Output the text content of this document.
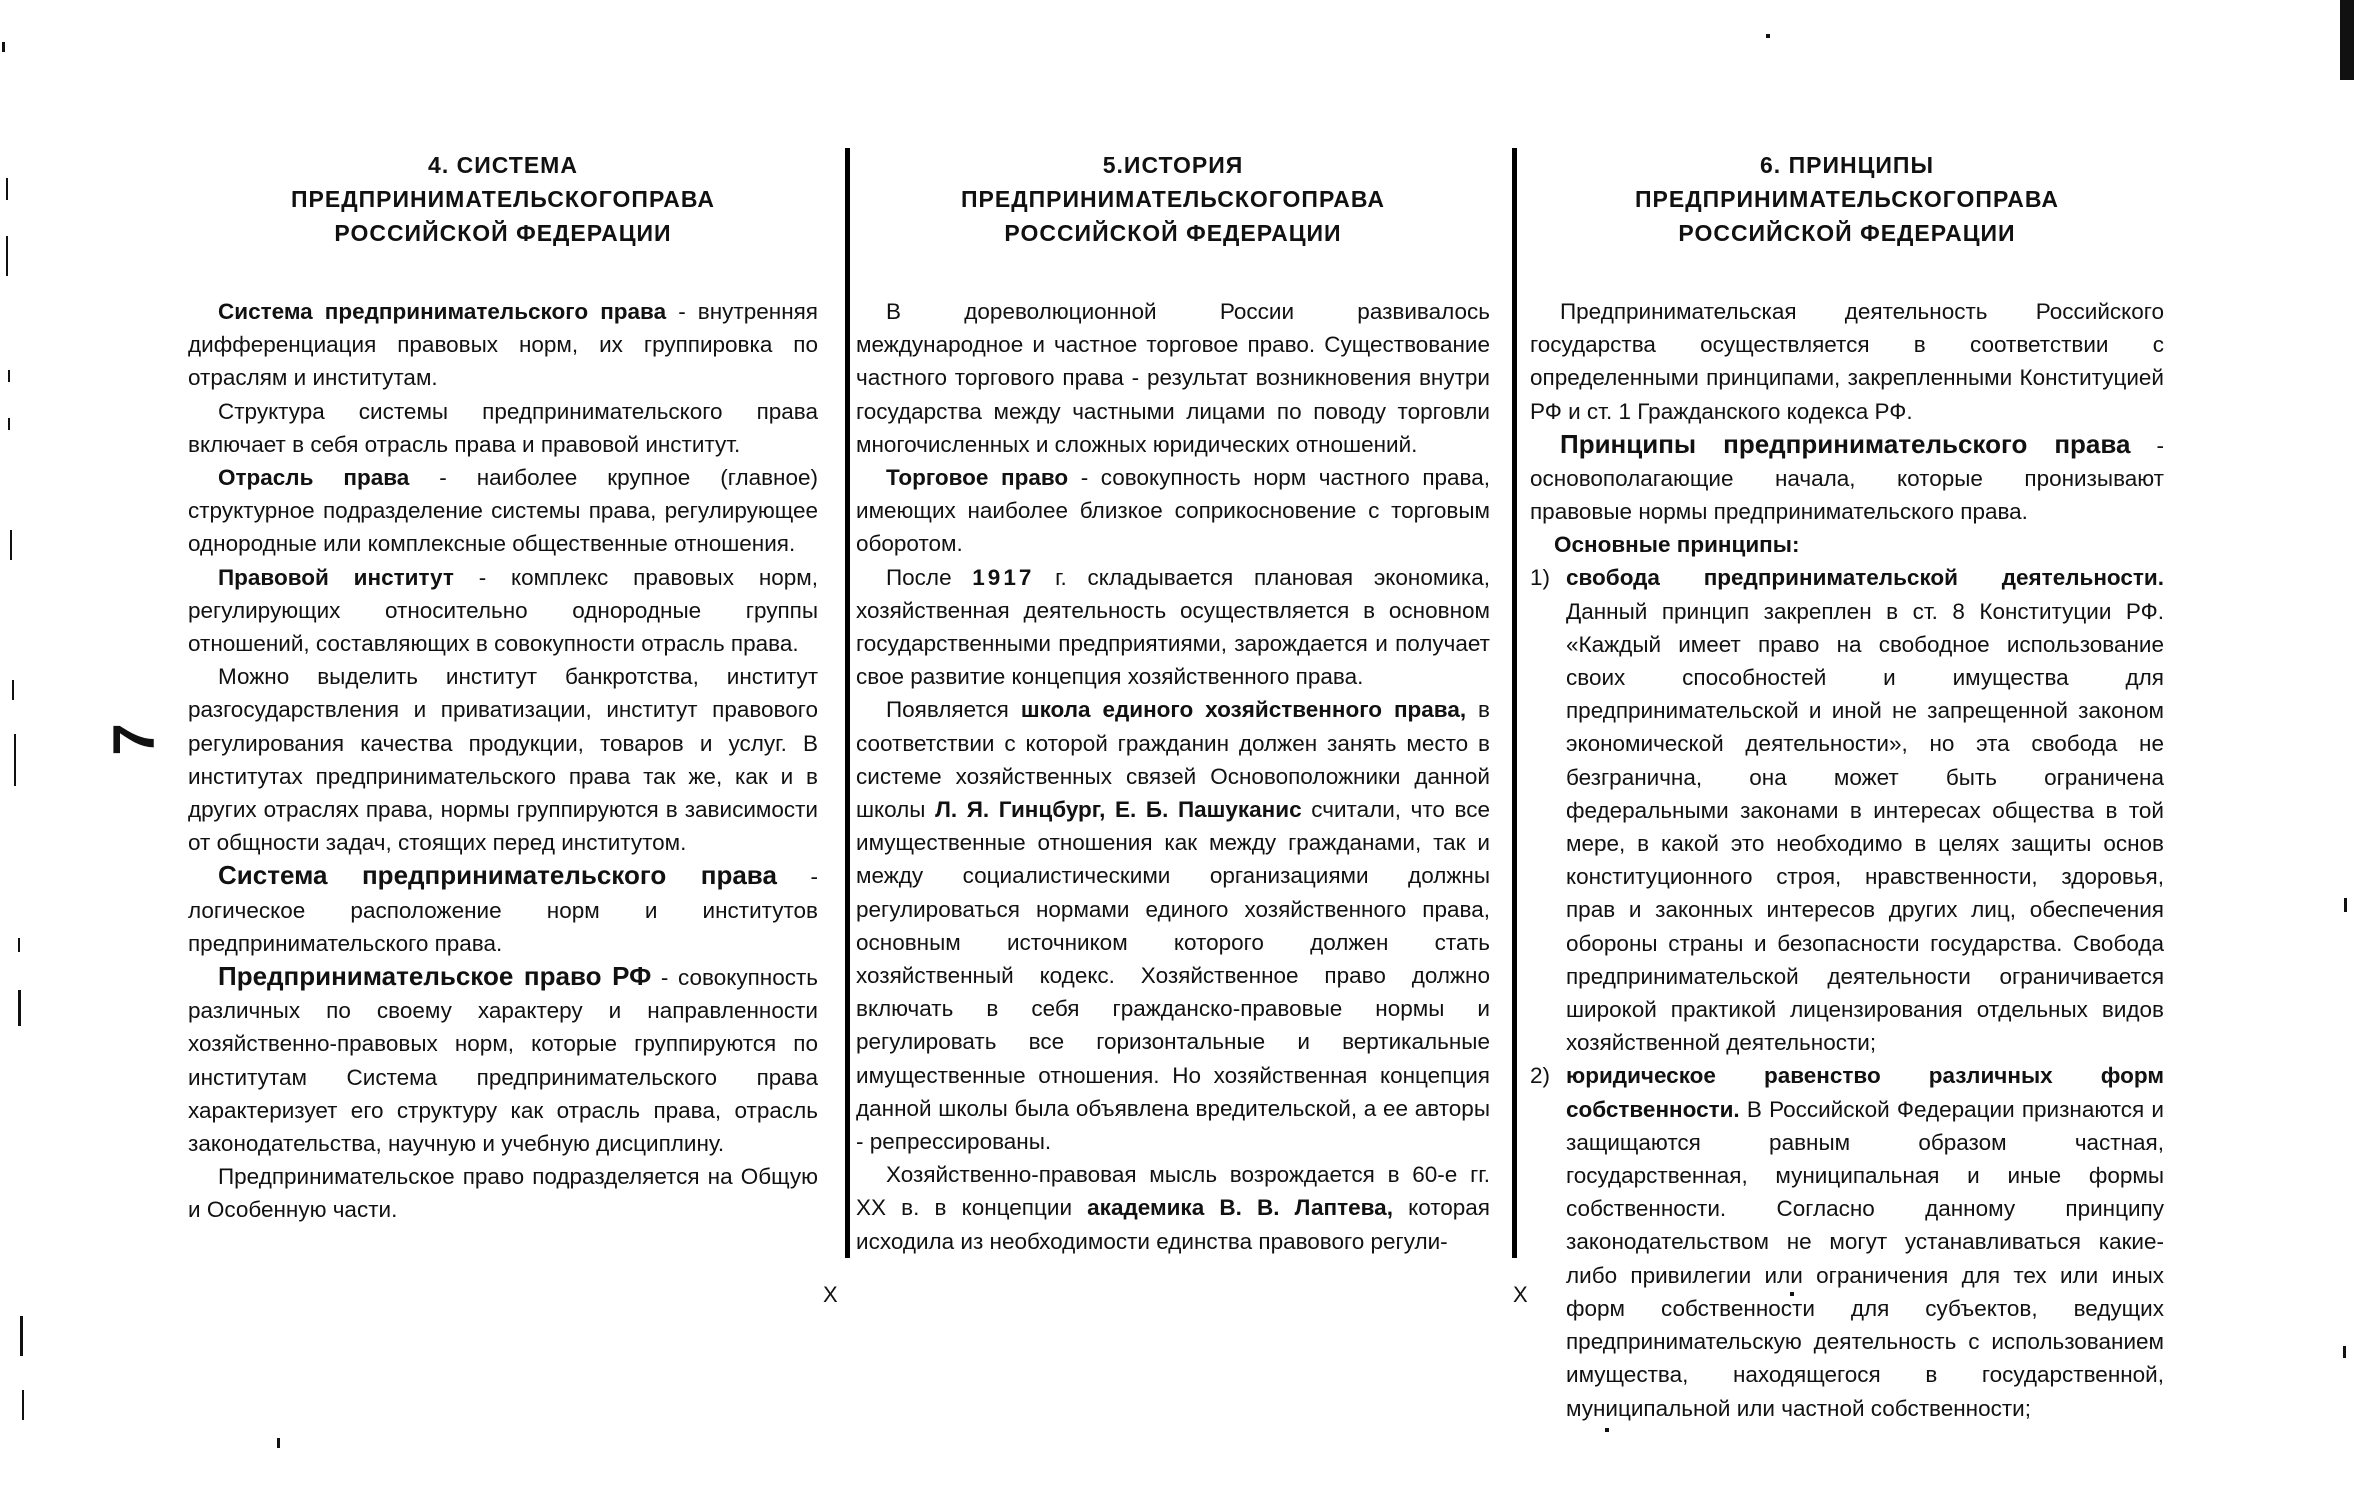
7
4. СИСТЕМА
ПРЕДПРИНИМАТЕЛЬСКОГОПРАВА
РОССИЙСКОЙ ФЕДЕРАЦИИ

Система предпринимательского права - внутренняя дифференциация правовых норм, их группировка по отраслям и институтам.

Структура системы предпринимательского права включает в себя отрасль права и правовой институт.

Отрасль права - наиболее крупное (главное) структурное подразделение системы права, регулирующее однородные или комплексные общественные отношения.

Правовой институт - комплекс правовых норм, регулирующих относительно однородные группы отношений, составляющих в совокупности отрасль права.

Можно выделить институт банкротства, институт разгосударствления и приватизации, институт правового регулирования качества продукции, товаров и услуг. В институтах предпринимательского права так же, как и в других отраслях права, нормы группируются в зависимости от общности задач, стоящих перед институтом.

Система предпринимательского права - логическое расположение норм и институтов предпринимательского права.

Предпринимательское право РФ - совокупность различных по своему характеру и направленности хозяйственно-правовых норм, которые группируются по институтам Система предпринимательского права характеризует его структуру как отрасль права, отрасль законодательства, научную и учебную дисциплину.

Предпринимательское право подразделяется на Общую и Особенную части.

5.ИСТОРИЯ
ПРЕДПРИНИМАТЕЛЬСКОГОПРАВА
РОССИЙСКОЙ ФЕДЕРАЦИИ

В дореволюционной России развивалось международное и частное торговое право. Существование частного торгового права - результат возникновения внутри государства между частными лицами по поводу торговли многочисленных и сложных юридических отношений.

Торговое право - совокупность норм частного права, имеющих наиболее близкое соприкосновение с торговым оборотом.

После 1917 г. складывается плановая экономика, хозяйственная деятельность осуществляется в основном государственными предприятиями, зарождается и получает свое развитие концепция хозяйственного права.

Появляется школа единого хозяйственного права, в соответствии с которой гражданин должен занять место в системе хозяйственных связей Основоположники данной школы Л. Я. Гинцбург, Е. Б. Пашуканис считали, что все имущественные отношения как между гражданами, так и между социалистическими организациями должны регулироваться нормами единого хозяйственного права, основным источником которого должен стать хозяйственный кодекс. Хозяйственное право должно включать в себя гражданско-правовые нормы и регулировать все горизонтальные и вертикальные имущественные отношения. Но хозяйственная концепция данной школы была объявлена вредительской, а ее авторы - репрессированы.

Хозяйственно-правовая мысль возрождается в 60-е гг. XX в. в концепции академика В. В. Лаптева, которая исходила из необходимости единства правового регули-

6. ПРИНЦИПЫ
ПРЕДПРИНИМАТЕЛЬСКОГОПРАВА
РОССИЙСКОЙ ФЕДЕРАЦИИ

Предпринимательская деятельность Российского государства осуществляется в соответствии с определенными принципами, закрепленными Конституцией РФ и ст. 1 Гражданского кодекса РФ.

Принципы предпринимательского права - основополагающие начала, которые пронизывают правовые нормы предпринимательского права.

Основные принципы:

1) свобода предпринимательской деятельности. Данный принцип закреплен в ст. 8 Конституции РФ. «Каждый имеет право на свободное использование своих способностей и имущества для предпринимательской и иной не запрещенной законом экономической деятельности», но эта свобода не безгранична, она может быть ограничена федеральными законами в интересах общества в той мере, в какой это необходимо в целях защиты основ конституционного строя, нравственности, здоровья, прав и законных интересов других лиц, обеспечения обороны страны и безопасности государства. Свобода предпринимательской деятельности ограничивается широкой практикой лицензирования отдельных видов хозяйственной деятельности;
2) юридическое равенство различных форм собственности. В Российской Федерации признаются и защищаются равным образом частная, государственная, муниципальная и иные формы собственности. Согласно данному принципу законодательством не могут устанавливаться какие-либо привилегии или ограничения для тех или иных форм собственности для субъектов, ведущих предпринимательскую деятельность с использованием имущества, находящегося в государственной, муниципальной или частной собственности;
X	X
